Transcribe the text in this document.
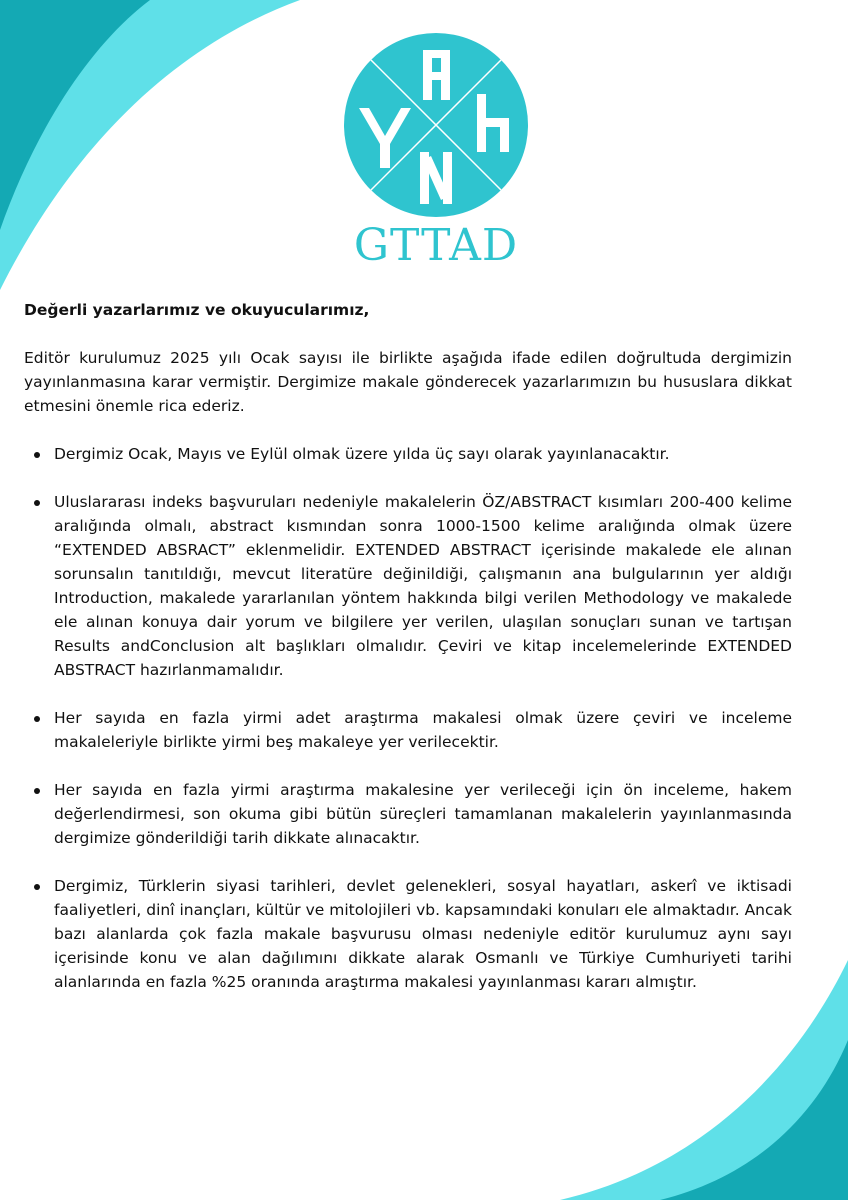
GTTAD

Değerli yazarlarımız ve okuyucularımız,

Editör kurulumuz 2025 yılı Ocak sayısı ile birlikte aşağıda ifade edilen doğrultuda dergimizin yayınlanmasına karar vermiştir. Dergimize makale gönderecek yazarlarımızın bu hususlara dikkat etmesini önemle rica ederiz.

Dergimiz Ocak, Mayıs ve Eylül olmak üzere yılda üç sayı olarak yayınlanacaktır.
Uluslararası indeks başvuruları nedeniyle makalelerin ÖZ/ABSTRACT kısımları 200-400 kelime aralığında olmalı, abstract kısmından sonra 1000-1500 kelime aralığında olmak üzere “EXTENDED ABSRACT” eklenmelidir. EXTENDED ABSTRACT içerisinde makalede ele alınan sorunsalın tanıtıldığı, mevcut literatüre değinildiği, çalışmanın ana bulgularının yer aldığı Introduction, makalede yararlanılan yöntem hakkında bilgi verilen Methodology ve makalede ele alınan konuya dair yorum ve bilgilere yer verilen, ulaşılan sonuçları sunan ve tartışan Results andConclusion alt başlıkları olmalıdır. Çeviri ve kitap incelemelerinde EXTENDED ABSTRACT hazırlanmamalıdır.
Her sayıda en fazla yirmi adet araştırma makalesi olmak üzere çeviri ve inceleme makaleleriyle birlikte yirmi beş makaleye yer verilecektir.
Her sayıda en fazla yirmi araştırma makalesine yer verileceği için ön inceleme, hakem değerlendirmesi, son okuma gibi bütün süreçleri tamamlanan makalelerin yayınlanmasında dergimize gönderildiği tarih dikkate alınacaktır.
Dergimiz, Türklerin siyasi tarihleri, devlet gelenekleri, sosyal hayatları, askerî ve iktisadi faaliyetleri, dinî inançları, kültür ve mitolojileri vb. kapsamındaki konuları ele almaktadır. Ancak bazı alanlarda çok fazla makale başvurusu olması nedeniyle editör kurulumuz aynı sayı içerisinde konu ve alan dağılımını dikkate alarak Osmanlı ve Türkiye Cumhuriyeti tarihi alanlarında en fazla %25 oranında araştırma makalesi yayınlanması kararı almıştır.
